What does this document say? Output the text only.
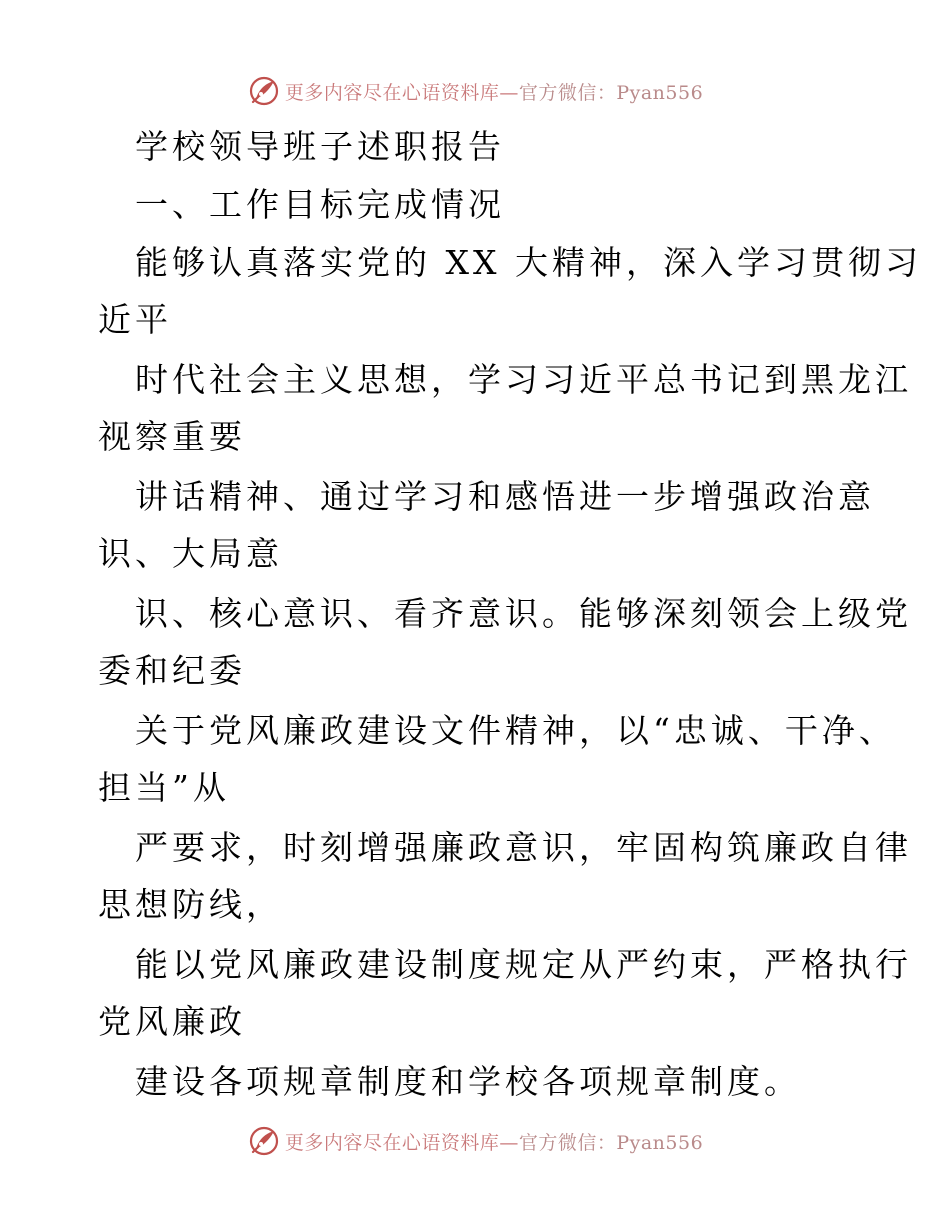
更多内容尽在心语资料库—官方微信：Pyan556
学校领导班子述职报告
一、工作目标完成情况
能够认真落实党的 XX 大精神，深入学习贯彻习
近平
时代社会主义思想，学习习近平总书记到黑龙江
视察重要
讲话精神、通过学习和感悟进一步增强政治意
识、大局意
识、核心意识、看齐意识。能够深刻领会上级党
委和纪委
关于党风廉政建设文件精神，以“忠诚、干净、
担当”从
严要求，时刻增强廉政意识，牢固构筑廉政自律
思想防线，
能以党风廉政建设制度规定从严约束，严格执行
党风廉政
建设各项规章制度和学校各项规章制度。
更多内容尽在心语资料库—官方微信：Pyan556
